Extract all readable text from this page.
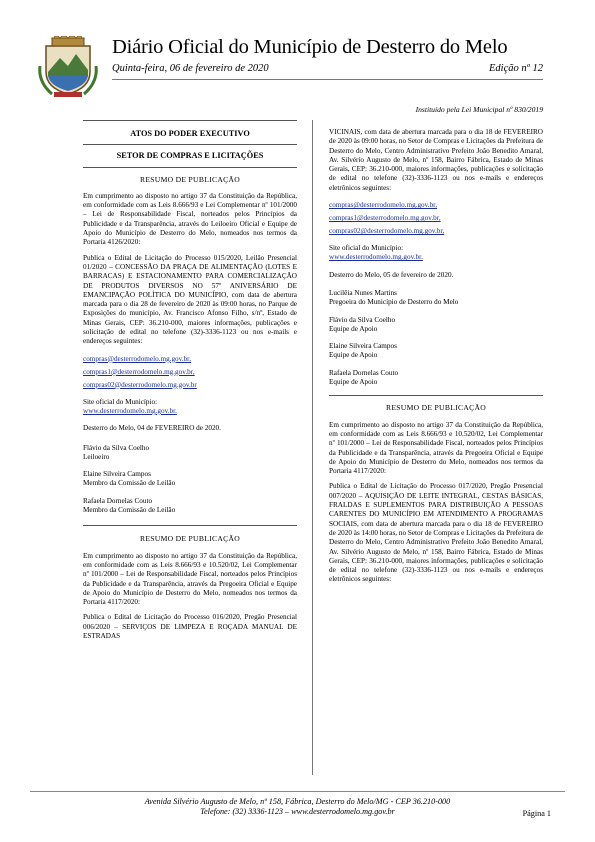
Diário Oficial do Município de Desterro do Melo
Quinta-feira, 06 de fevereiro de 2020	Edição nº 12
Instituído pela Lei Municipal nº 830/2019
ATOS DO PODER EXECUTIVO
SETOR DE COMPRAS E LICITAÇÕES
RESUMO DE PUBLICAÇÃO

Em cumprimento ao disposto no artigo 37 da Constituição da República, em conformidade com as Leis 8.666/93 e Lei Complementar nº 101/2000 – Lei de Responsabilidade Fiscal, norteados pelos Princípios da Publicidade e da Transparência, através do Leiloeiro Oficial e Equipe de Apoio do Município de Desterro do Melo, nomeados nos termos da Portaria 4126/2020:

Publica o Edital de Licitação do Processo 015/2020, Leilão Presencial 01/2020 – CONCESSÃO DA PRAÇA DE ALIMENTAÇÃO (LOTES E BARRACAS) E ESTACIONAMENTO PARA COMERCIALIZAÇÃO DE PRODUTOS DIVERSOS NO 57º ANIVERSÁRIO DE EMANCIPAÇÃO POLÍTICA DO MUNICÍPIO, com data de abertura marcada para o dia 28 de fevereiro de 2020 às 09:00 horas, no Parque de Exposições do município, Av. Francisco Afonso Filho, s/nº, Estado de Minas Gerais, CEP: 36.210-000, maiores informações, publicações e solicitação de edital no telefone (32)-3336-1123 ou nos e-mails e endereços seguintes:

compras@desterrodomelo.mg.gov.br,
compras1@desterrodomelo.mg.gov.br,
compras02@desterrodomelo.mg.gov.br

Site oficial do Município:
www.desterrodomelo.mg.gov.br.

Desterro do Melo, 04 de FEVEREIRO de 2020.

Flávio da Silva Coelho
Leiloeiro
Elaine Silveira Campos
Membro da Comissão de Leilão
Rafaela Dornelas Couto
Membro da Comissão de Leilão
RESUMO DE PUBLICAÇÃO

Em cumprimento ao disposto no artigo 37 da Constituição da República, em conformidade com as Leis 8.666/93 e 10.520/02, Lei Complementar nº 101/2000 – Lei de Responsabilidade Fiscal, norteados pelos Princípios da Publicidade e da Transparência, através da Pregoeira Oficial e Equipe de Apoio do Município de Desterro do Melo, nomeados nos termos da Portaria 4117/2020:

Publica o Edital de Licitação do Processo 016/2020, Pregão Presencial 006/2020 – SERVIÇOS DE LIMPEZA E ROÇADA MANUAL DE ESTRADAS

VICINAIS, com data de abertura marcada para o dia 18 de FEVEREIRO de 2020 às 09:00 horas, no Setor de Compras e Licitações da Prefeitura de Desterro do Melo, Centro Administrativo Prefeito João Benedito Amaral, Av. Silvério Augusto de Melo, nº 158, Bairro Fábrica, Estado de Minas Gerais, CEP: 36.210-000, maiores informações, publicações e solicitação de edital no telefone (32)-3336-1123 ou nos e-mails e endereços eletrônicos seguintes:

compras@desterrodomelo.mg.gov.br,
compras1@desterrodomelo.mg.gov.br,
compras02@desterrodomelo.mg.gov.br,

Site oficial do Município:
www.desterrodomelo.mg.gov.br.

Desterro do Melo, 05 de fevereiro de 2020.

Lucilêia Nunes Martins
Pregoeira do Município de Desterro do Melo
Flávio da Silva Coelho
Equipe de Apoio
Elaine Silveira Campos
Equipe de Apoio
Rafaela Dornelas Couto
Equipe de Apoio
RESUMO DE PUBLICAÇÃO

Em cumprimento ao disposto no artigo 37 da Constituição da República, em conformidade com as Leis 8.666/93 e 10.520/02, Lei Complementar nº 101/2000 – Lei de Responsabilidade Fiscal, norteados pelos Princípios da Publicidade e da Transparência, através da Pregoeira Oficial e Equipe de Apoio do Município de Desterro do Melo, nomeados nos termos da Portaria 4117/2020:

Publica o Edital de Licitação do Processo 017/2020, Pregão Presencial 007/2020 – AQUISIÇÃO DE LEITE INTEGRAL, CESTAS BÁSICAS, FRALDAS E SUPLEMENTOS PARA DISTRIBUIÇÃO A PESSOAS CARENTES DO MUNICÍPIO EM ATENDIMENTO A PROGRAMAS SOCIAIS, com data de abertura marcada para o dia 18 de FEVEREIRO de 2020 às 14:00 horas, no Setor de Compras e Licitações da Prefeitura de Desterro do Melo, Centro Administrativo Prefeito João Benedito Amaral, Av. Silvério Augusto de Melo, nº 158, Bairro Fábrica, Estado de Minas Gerais, CEP: 36.210-000, maiores informações, publicações e solicitação de edital no telefone (32)-3336-1123 ou nos e-mails e endereços eletrônicos seguintes:

Avenida Silvério Augusto de Melo, nº 158, Fábrica, Desterro do Melo/MG - CEP 36.210-000
Telefone: (32) 3336-1123 – www.desterrodomelo.mg.gov.br	Página 1
